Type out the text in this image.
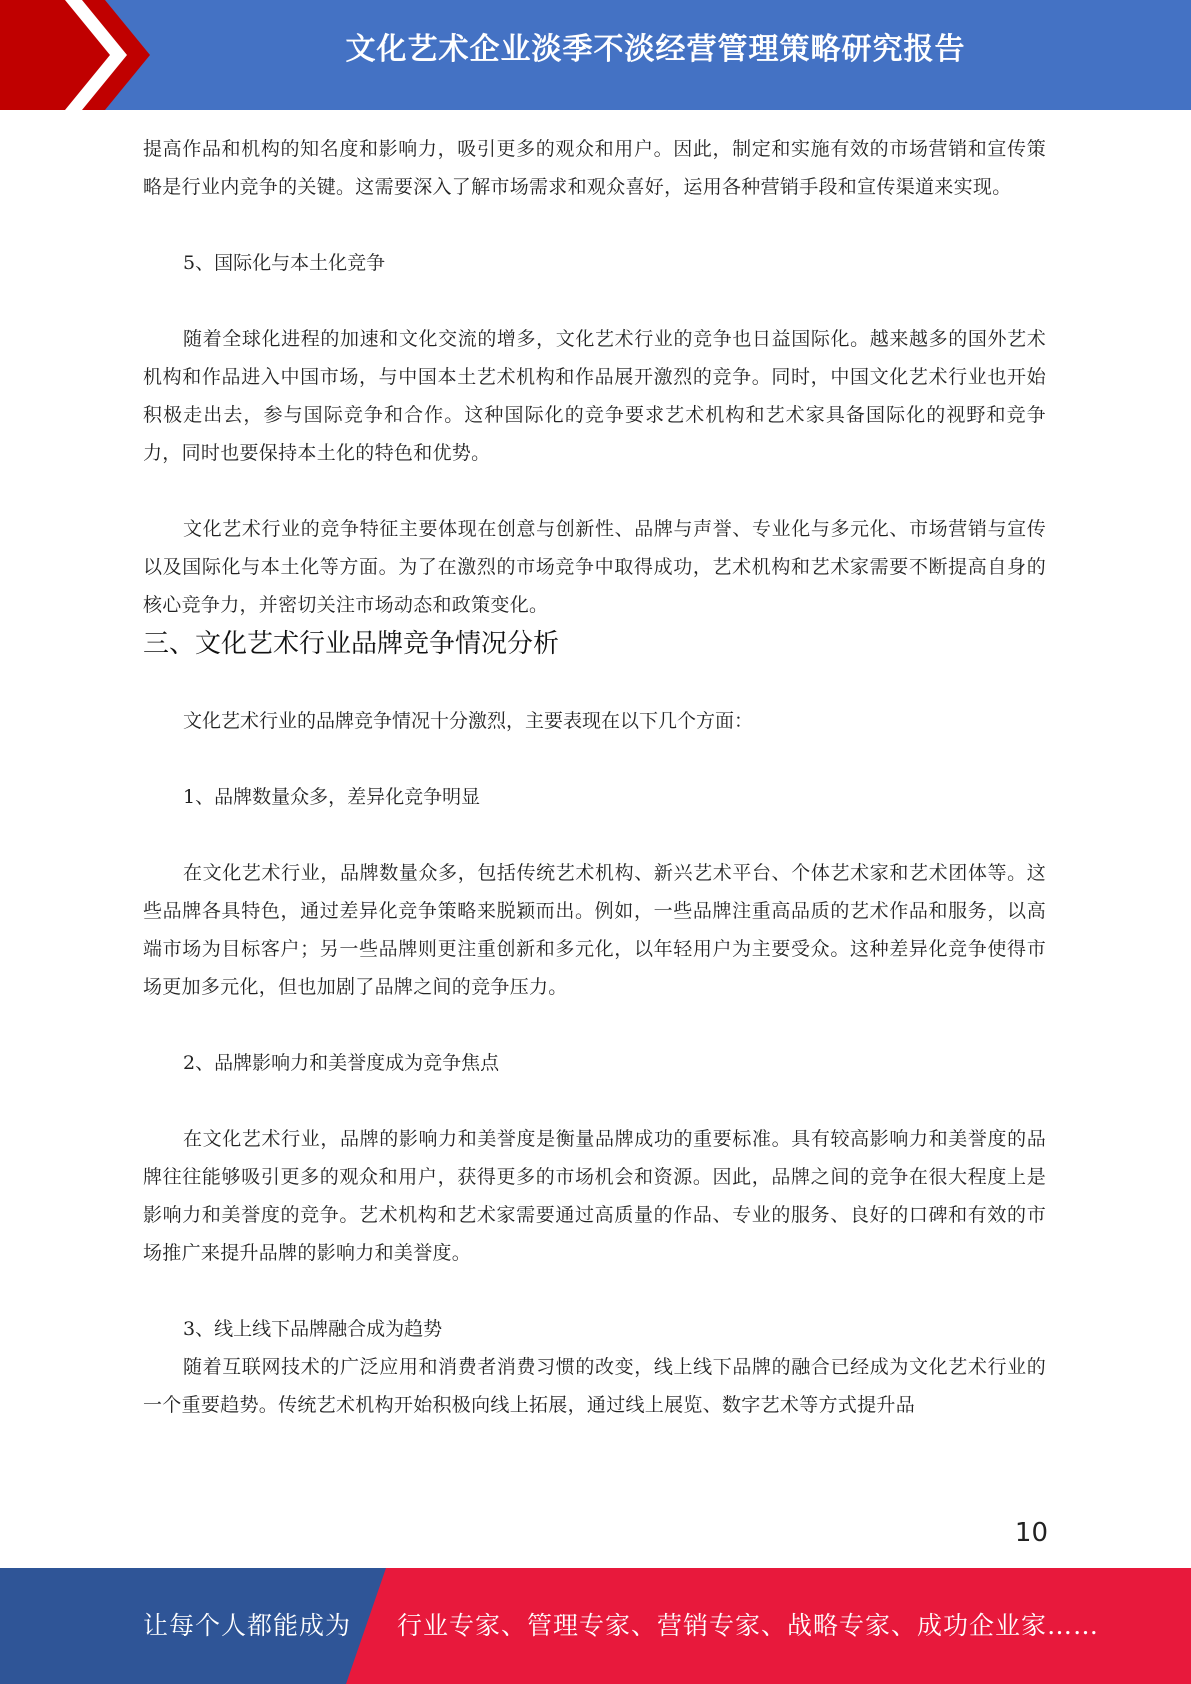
文化艺术企业淡季不淡经营管理策略研究报告

提高作品和机构的知名度和影响力，吸引更多的观众和用户。因此，制定和实施有效的市场营销和宣传策略是行业内竞争的关键。这需要深入了解市场需求和观众喜好，运用各种营销手段和宣传渠道来实现。

5、国际化与本土化竞争

随着全球化进程的加速和文化交流的增多，文化艺术行业的竞争也日益国际化。越来越多的国外艺术机构和作品进入中国市场，与中国本土艺术机构和作品展开激烈的竞争。同时，中国文化艺术行业也开始积极走出去，参与国际竞争和合作。这种国际化的竞争要求艺术机构和艺术家具备国际化的视野和竞争力，同时也要保持本土化的特色和优势。

文化艺术行业的竞争特征主要体现在创意与创新性、品牌与声誉、专业化与多元化、市场营销与宣传以及国际化与本土化等方面。为了在激烈的市场竞争中取得成功，艺术机构和艺术家需要不断提高自身的核心竞争力，并密切关注市场动态和政策变化。

三、文化艺术行业品牌竞争情况分析

文化艺术行业的品牌竞争情况十分激烈，主要表现在以下几个方面：

1、品牌数量众多，差异化竞争明显

在文化艺术行业，品牌数量众多，包括传统艺术机构、新兴艺术平台、个体艺术家和艺术团体等。这些品牌各具特色，通过差异化竞争策略来脱颖而出。例如，一些品牌注重高品质的艺术作品和服务，以高端市场为目标客户；另一些品牌则更注重创新和多元化，以年轻用户为主要受众。这种差异化竞争使得市场更加多元化，但也加剧了品牌之间的竞争压力。

2、品牌影响力和美誉度成为竞争焦点

在文化艺术行业，品牌的影响力和美誉度是衡量品牌成功的重要标准。具有较高影响力和美誉度的品牌往往能够吸引更多的观众和用户，获得更多的市场机会和资源。因此，品牌之间的竞争在很大程度上是影响力和美誉度的竞争。艺术机构和艺术家需要通过高质量的作品、专业的服务、良好的口碑和有效的市场推广来提升品牌的影响力和美誉度。

3、线上线下品牌融合成为趋势

随着互联网技术的广泛应用和消费者消费习惯的改变，线上线下品牌的融合已经成为文化艺术行业的一个重要趋势。传统艺术机构开始积极向线上拓展，通过线上展览、数字艺术等方式提升品

10
让每个人都能成为 行业专家、管理专家、营销专家、战略专家、成功企业家……
